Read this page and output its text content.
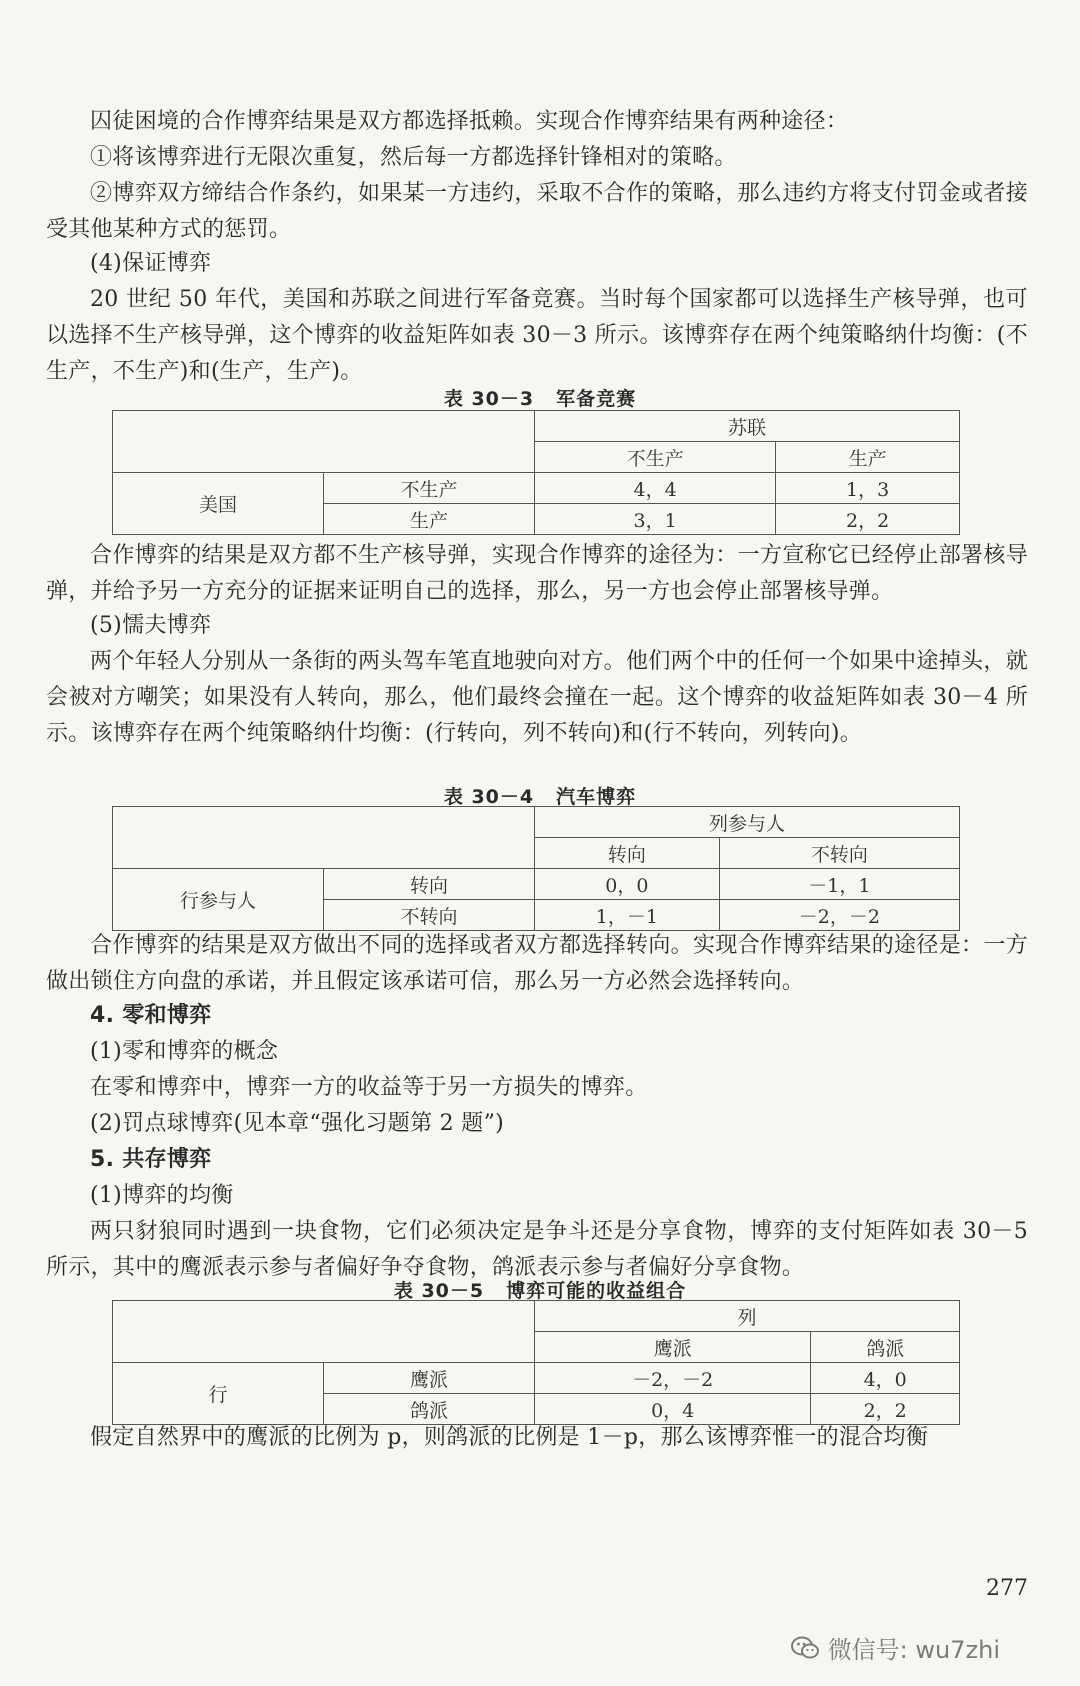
囚徒困境的合作博弈结果是双方都选择抵赖。实现合作博弈结果有两种途径：

①将该博弈进行无限次重复，然后每一方都选择针锋相对的策略。

②博弈双方缔结合作条约，如果某一方违约，采取不合作的策略，那么违约方将支付罚金或者接受其他某种方式的惩罚。

(4)保证博弈

20 世纪 50 年代，美国和苏联之间进行军备竞赛。当时每个国家都可以选择生产核导弹，也可以选择不生产核导弹，这个博弈的收益矩阵如表 30－3 所示。该博弈存在两个纯策略纳什均衡：(不生产，不生产)和(生产，生产)。

表 30－3 军备竞赛
		苏联	
		不生产	生产
美国	不生产	4，4	1，3
	生产	3，1	2，2

合作博弈的结果是双方都不生产核导弹，实现合作博弈的途径为：一方宣称它已经停止部署核导弹，并给予另一方充分的证据来证明自己的选择，那么，另一方也会停止部署核导弹。

(5)懦夫博弈

两个年轻人分别从一条街的两头驾车笔直地驶向对方。他们两个中的任何一个如果中途掉头，就会被对方嘲笑；如果没有人转向，那么，他们最终会撞在一起。这个博弈的收益矩阵如表 30－4 所示。该博弈存在两个纯策略纳什均衡：(行转向，列不转向)和(行不转向，列转向)。

表 30－4 汽车博弈
		列参与人	
		转向	不转向
行参与人	转向	0，0	－1，1
	不转向	1，－1	－2，－2

合作博弈的结果是双方做出不同的选择或者双方都选择转向。实现合作博弈结果的途径是：一方做出锁住方向盘的承诺，并且假定该承诺可信，那么另一方必然会选择转向。

4. 零和博弈

(1)零和博弈的概念

在零和博弈中，博弈一方的收益等于另一方损失的博弈。

(2)罚点球博弈(见本章“强化习题第 2 题”)

5. 共存博弈

(1)博弈的均衡

两只豺狼同时遇到一块食物，它们必须决定是争斗还是分享食物，博弈的支付矩阵如表 30－5 所示，其中的鹰派表示参与者偏好争夺食物，鸽派表示参与者偏好分享食物。

表 30－5 博弈可能的收益组合
		列	
		鹰派	鸽派
行	鹰派	－2，－2	4，0
	鸽派	0，4	2，2

假定自然界中的鹰派的比例为 p，则鸽派的比例是 1－p，那么该博弈惟一的混合均衡

277
微信号: wu7zhi
